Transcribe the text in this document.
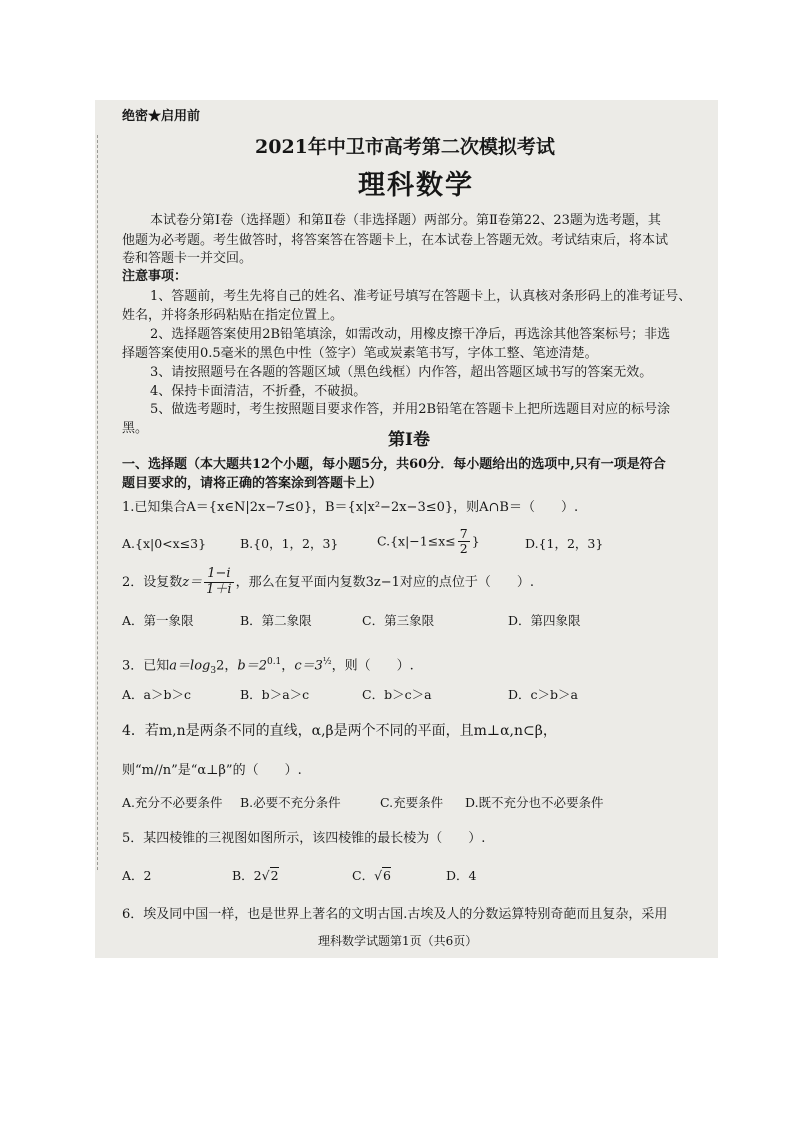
绝密★启用前
2021年中卫市高考第二次模拟考试
理科数学
本试卷分第Ⅰ卷（选择题）和第Ⅱ卷（非选择题）两部分。第Ⅱ卷第22、23题为选考题，其
他题为必考题。考生做答时，将答案答在答题卡上，在本试卷上答题无效。考试结束后，将本试
卷和答题卡一并交回。
注意事项：
1、答题前，考生先将自己的姓名、准考证号填写在答题卡上，认真核对条形码上的准考证号、
姓名，并将条形码粘贴在指定位置上。
2、选择题答案使用2B铅笔填涂，如需改动，用橡皮擦干净后，再选涂其他答案标号；非选
择题答案使用0.5毫米的黑色中性（签字）笔或炭素笔书写，字体工整、笔迹清楚。
3、请按照题号在各题的答题区域（黑色线框）内作答，超出答题区域书写的答案无效。
4、保持卡面清洁，不折叠，不破损。
5、做选考题时，考生按照题目要求作答，并用2B铅笔在答题卡上把所选题目对应的标号涂
黑。
第Ⅰ卷
一、选择题（本大题共12个小题，每小题5分，共60分．每小题给出的选项中,只有一项是符合
题目要求的，请将正确的答案涂到答题卡上）
1.已知集合A＝{x∈N|2x−7≤0}，B＝{x|x²−2x−3≤0}，则A∩B＝（　　）.
A.{x|0<x≤3}	B.{0，1，2，3}	$C.\{x|-1\le x\le \frac{7}{2}$ }	D.{1，2，3}
2．设复数$z= \frac{1-i}{1+i}$ ，那么在复平面内复数3z−1对应的点位于（　　）.
A．第一象限	B．第二象限	C．第三象限	D．第四象限
3．已知$a=\log_32$，$b=2^{0.1}$，$c=3^{\frac{1}{2}}$，则（　　）.
A．a＞b＞c	B．b＞a＞c	C．b＞c＞a	D．c＞b＞a
4．若m,n是两条不同的直线，α,β是两个不同的平面，且m⊥α,n⊂β，
则“m//n”是“α⊥β”的（　　）.
A.充分不必要条件 B.必要不充分条件	C.充要条件 D.既不充分也不必要条件
5．某四棱锥的三视图如图所示，该四棱锥的最长棱为（　　）.
A．2	B．2√2	C．√6	D．4
6．埃及同中国一样，也是世界上著名的文明古国.古埃及人的分数运算特别奇葩而且复杂，采用
理科数学试题第1页（共6页）
